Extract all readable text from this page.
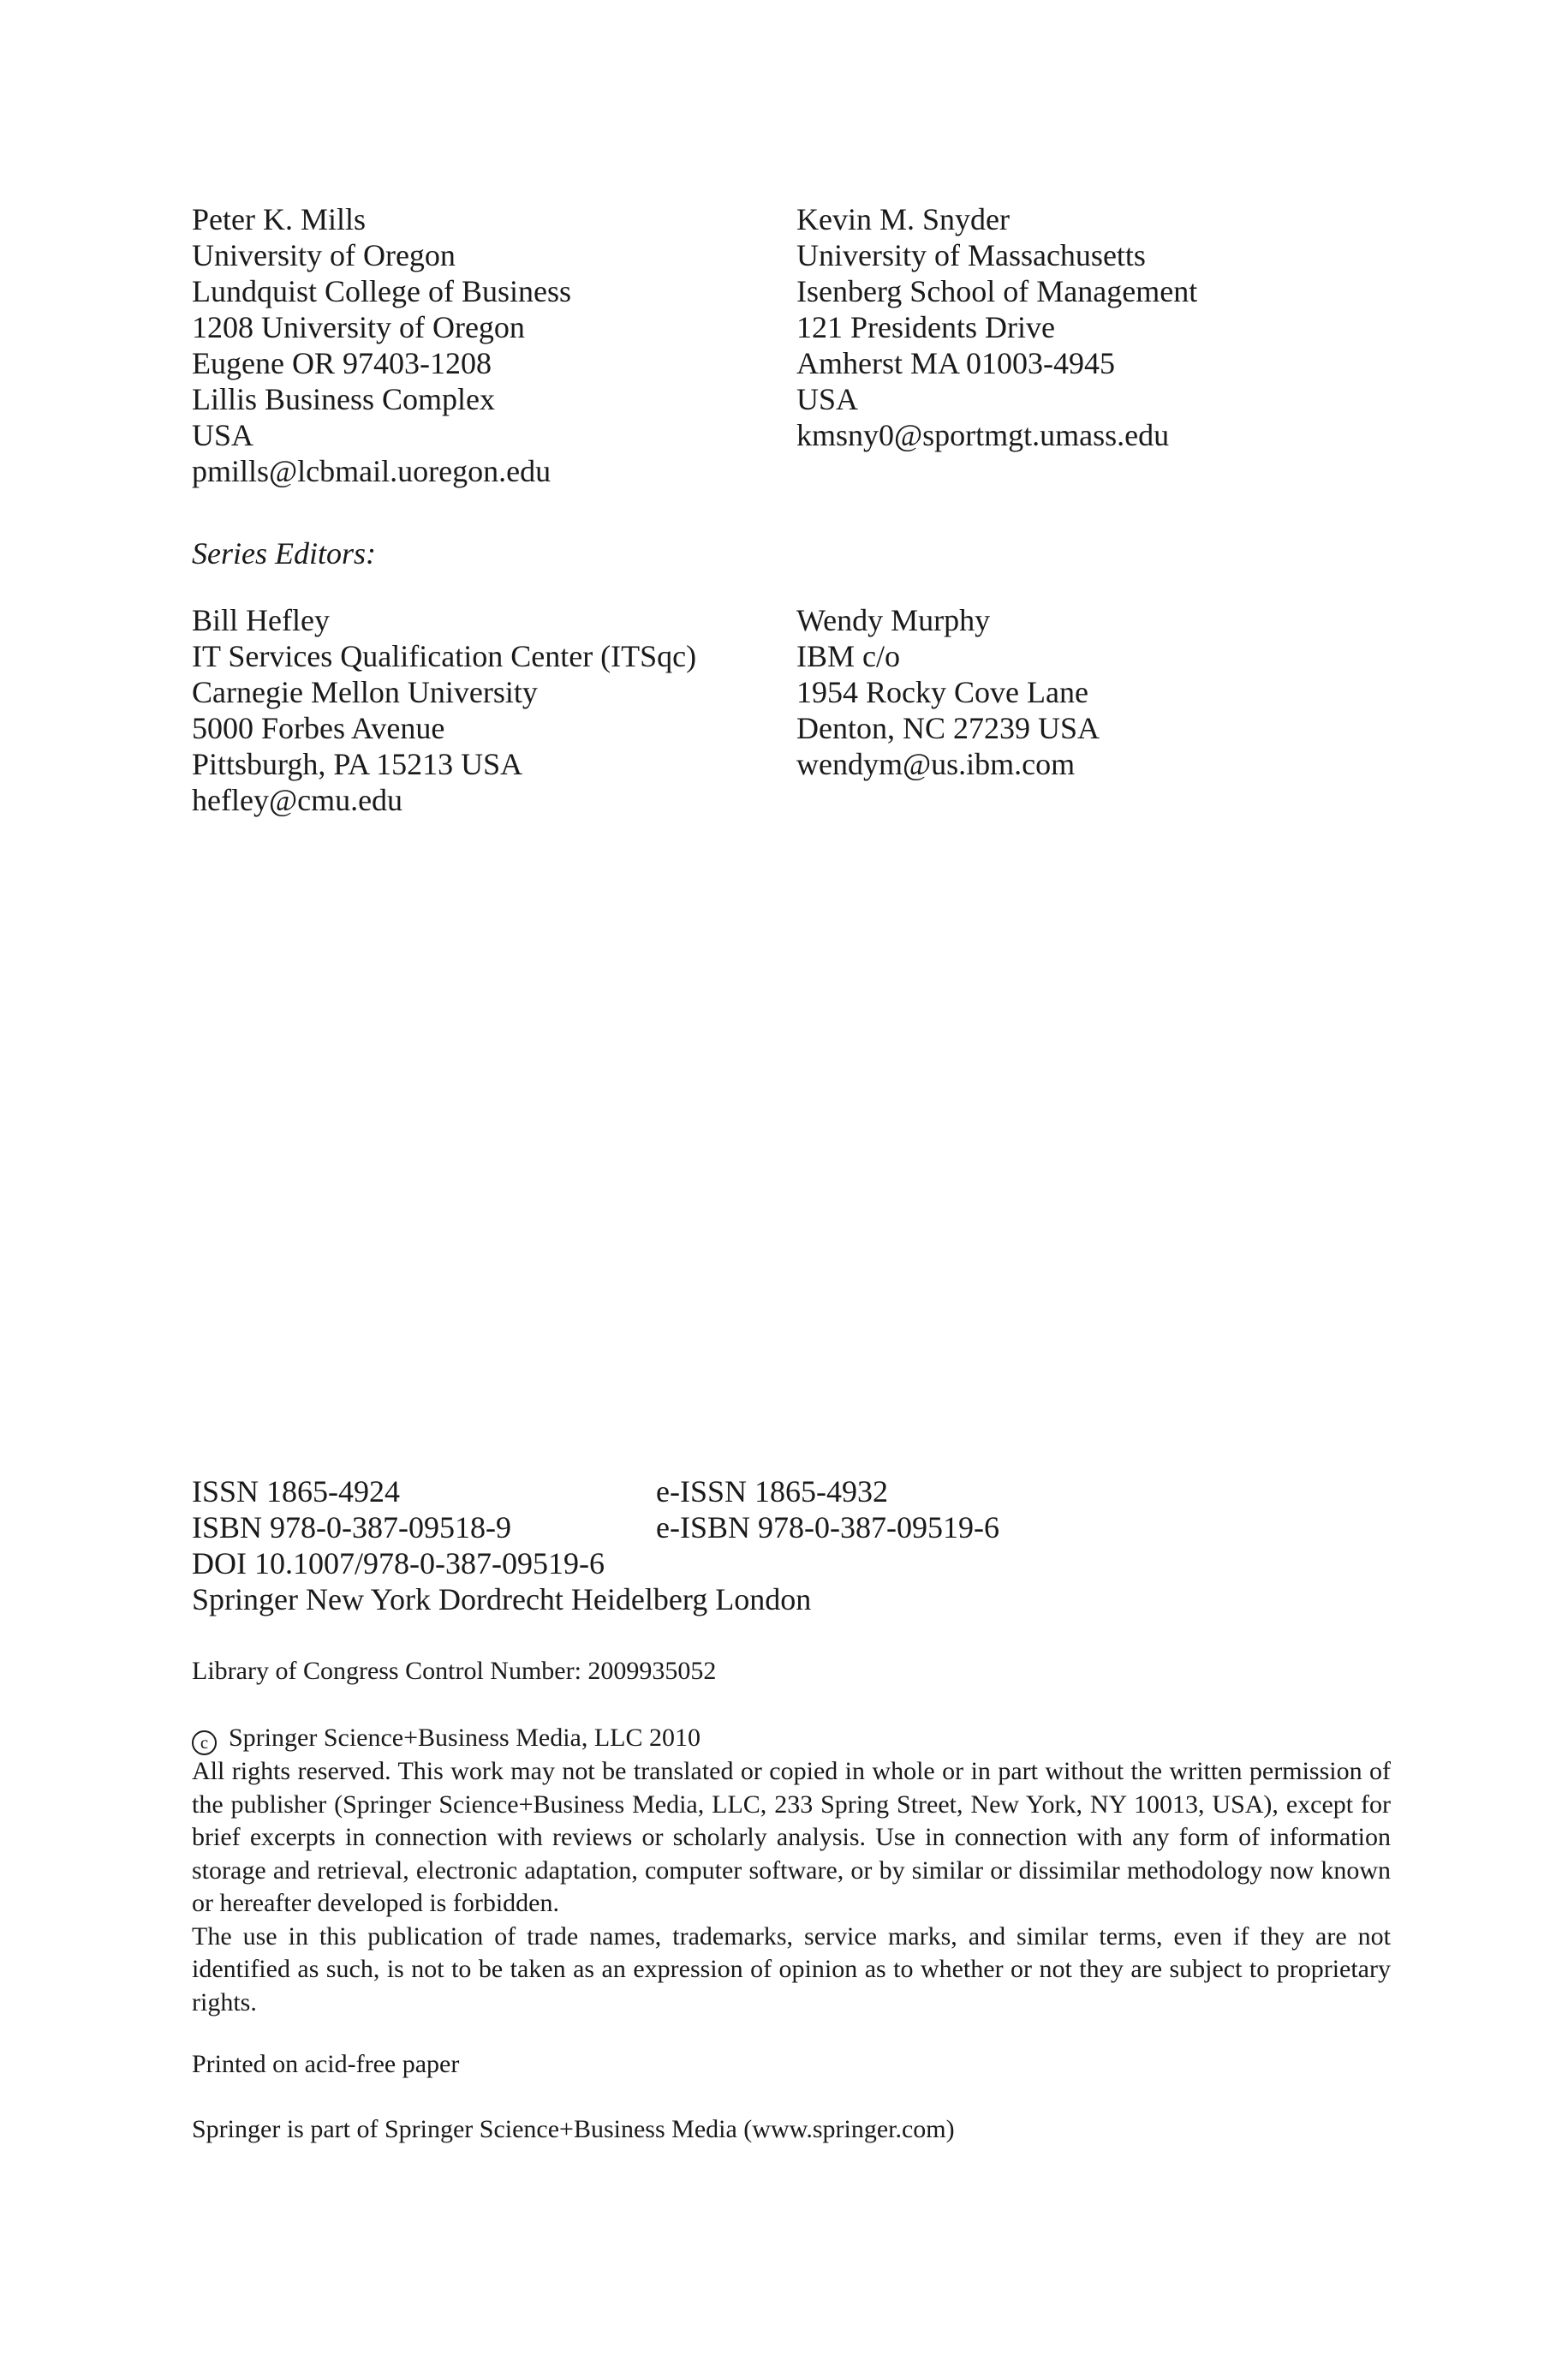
Peter K. Mills
University of Oregon
Lundquist College of Business
1208 University of Oregon
Eugene OR 97403-1208
Lillis Business Complex
USA
pmills@lcbmail.uoregon.edu
Kevin M. Snyder
University of Massachusetts
Isenberg School of Management
121 Presidents Drive
Amherst MA 01003-4945
USA
kmsny0@sportmgt.umass.edu
Series Editors:
Bill Hefley
IT Services Qualification Center (ITSqc)
Carnegie Mellon University
5000 Forbes Avenue
Pittsburgh, PA 15213 USA
hefley@cmu.edu
Wendy Murphy
IBM c/o
1954 Rocky Cove Lane
Denton, NC 27239 USA
wendym@us.ibm.com
ISSN 1865-4924	e-ISSN 1865-4932
ISBN 978-0-387-09518-9	e-ISBN 978-0-387-09519-6
DOI 10.1007/978-0-387-09519-6
Springer New York Dordrecht Heidelberg London
Library of Congress Control Number: 2009935052
c Springer Science+Business Media, LLC 2010
All rights reserved. This work may not be translated or copied in whole or in part without the written permission of the publisher (Springer Science+Business Media, LLC, 233 Spring Street, New York, NY 10013, USA), except for brief excerpts in connection with reviews or scholarly analysis. Use in connection with any form of information storage and retrieval, electronic adaptation, computer software, or by similar or dissimilar methodology now known or hereafter developed is forbidden.
The use in this publication of trade names, trademarks, service marks, and similar terms, even if they are not identified as such, is not to be taken as an expression of opinion as to whether or not they are subject to proprietary rights.
Printed on acid-free paper
Springer is part of Springer Science+Business Media (www.springer.com)
